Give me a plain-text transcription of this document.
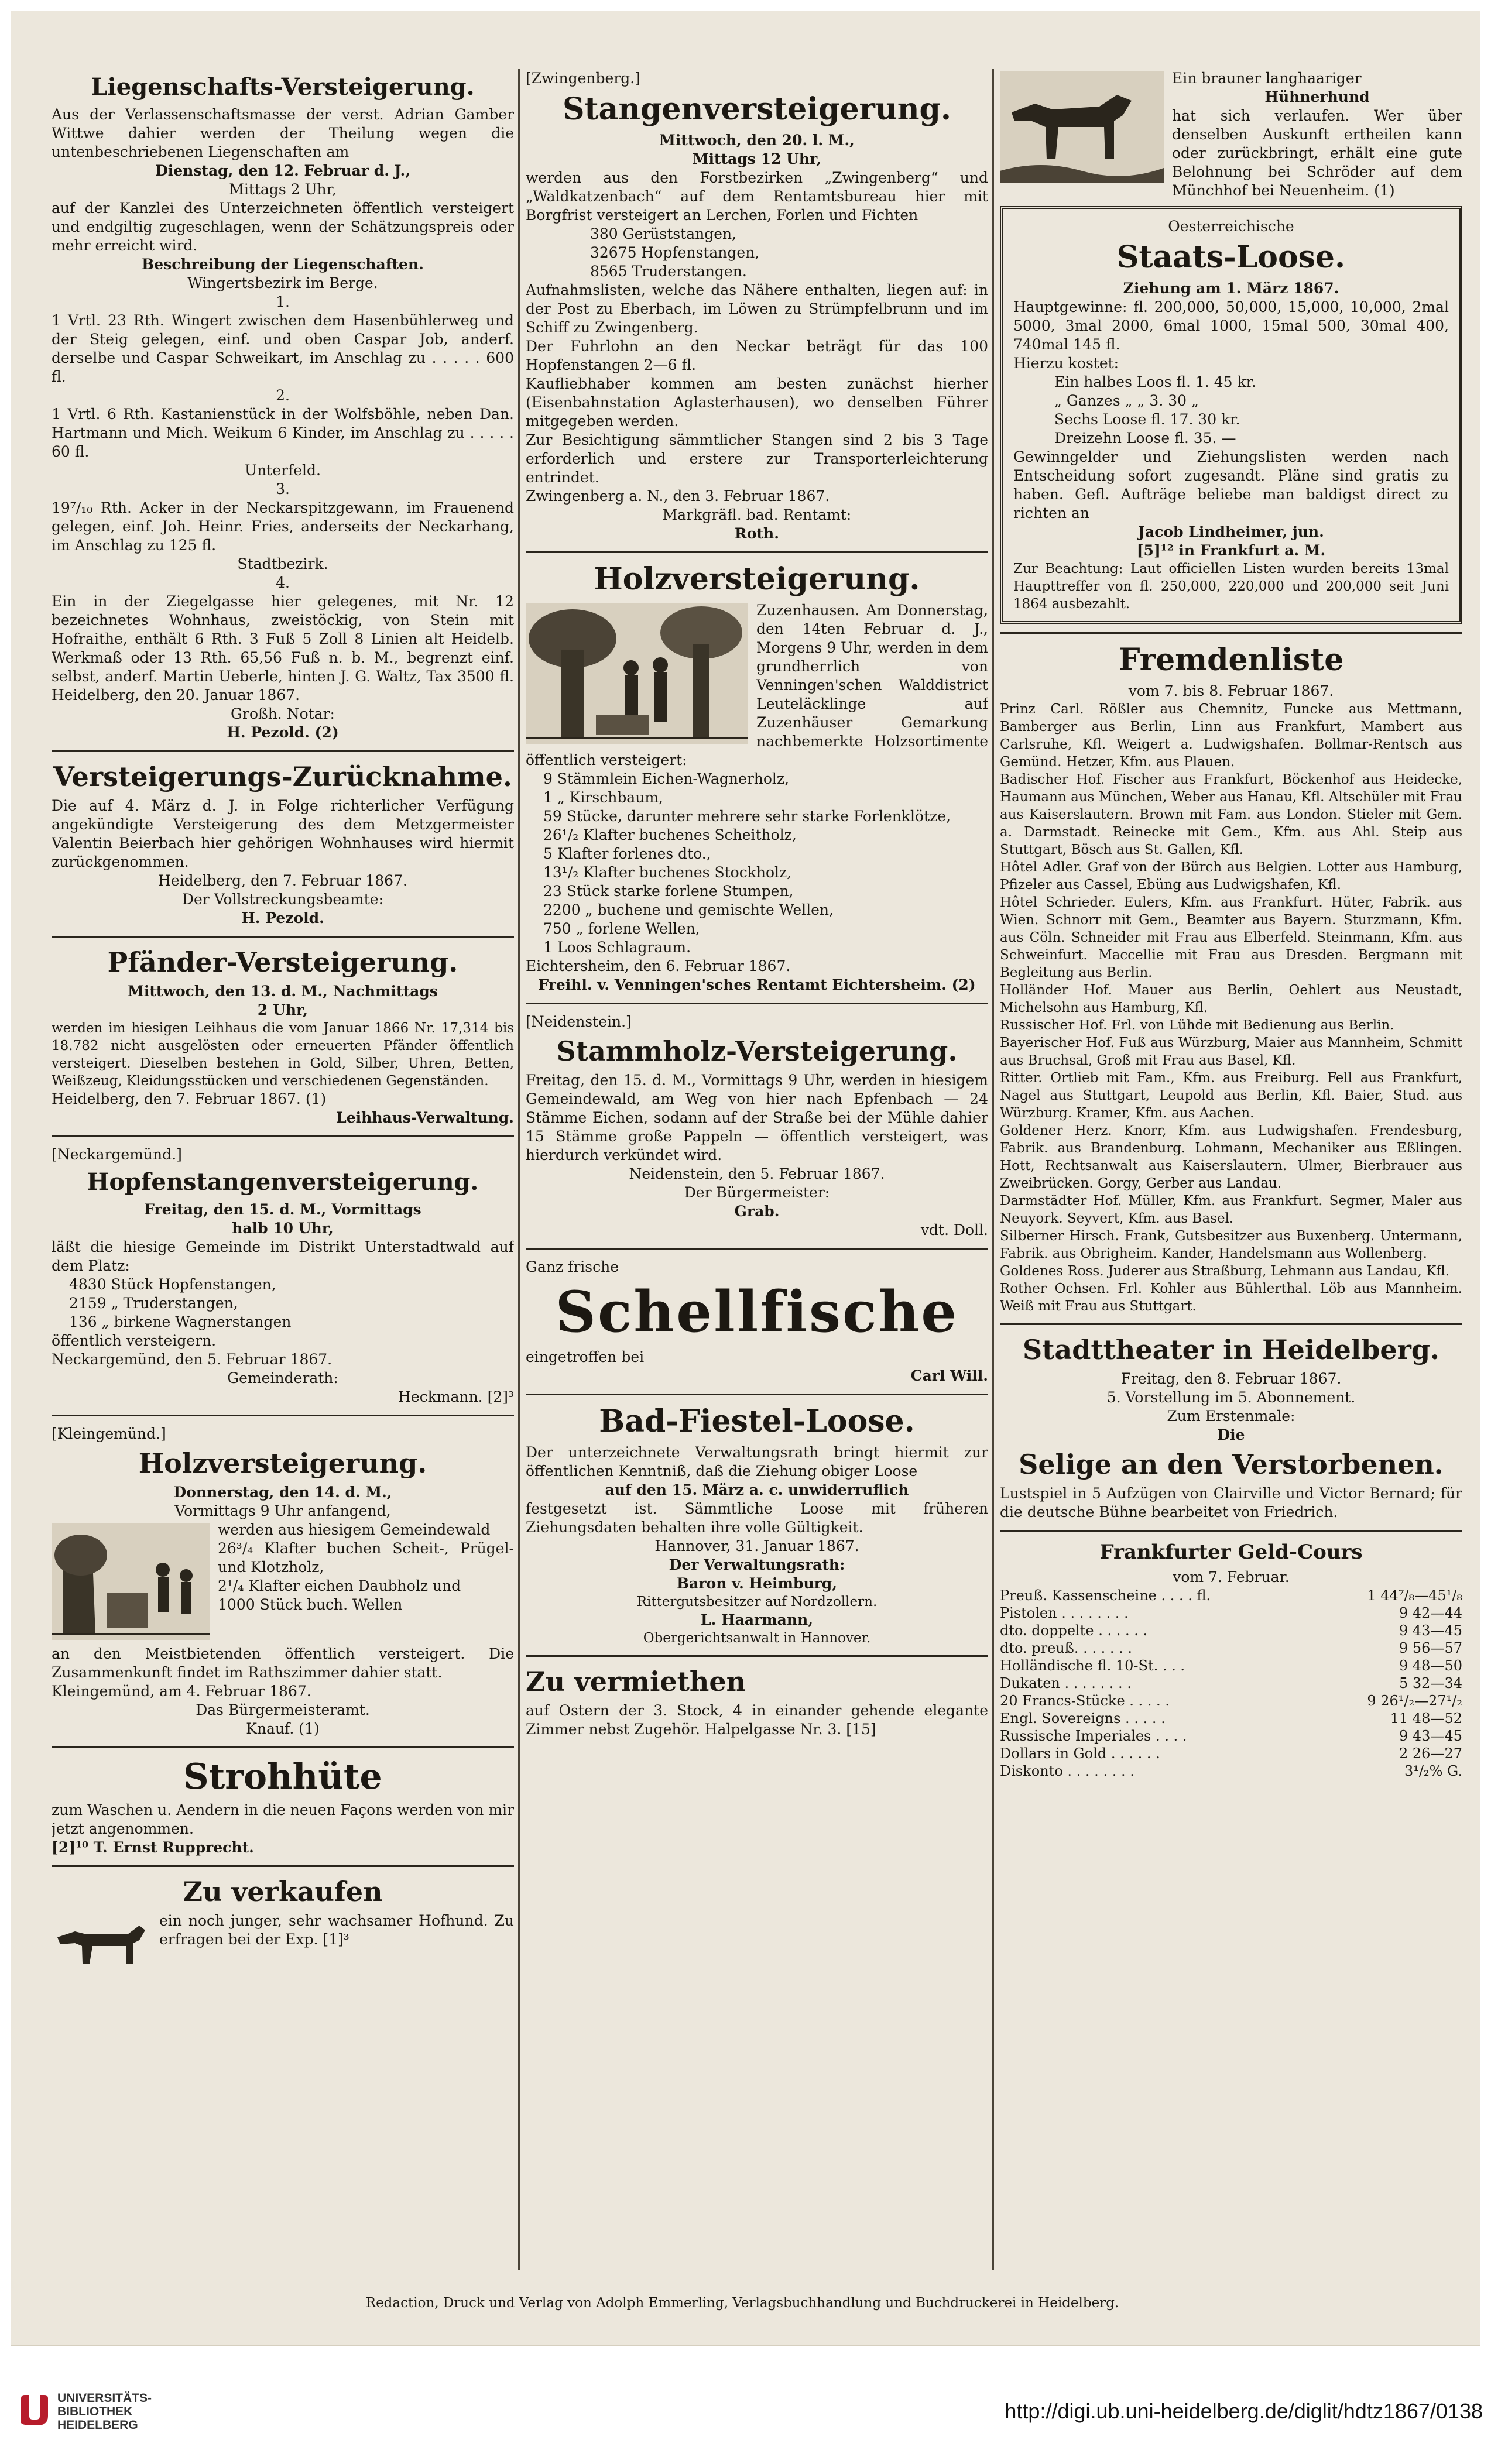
Liegenschafts-Versteigerung.

Aus der Verlassenschaftsmasse der verst. Adrian Gamber Wittwe dahier werden der Theilung wegen die untenbeschriebenen Liegenschaften am

Dienstag, den 12. Februar d. J.,

Mittags 2 Uhr,

auf der Kanzlei des Unterzeichneten öffentlich versteigert und endgiltig zugeschlagen, wenn der Schätzungspreis oder mehr erreicht wird.

Beschreibung der Liegenschaften.

Wingertsbezirk im Berge.

1.

1 Vrtl. 23 Rth. Wingert zwischen dem Hasenbühlerweg und der Steig gelegen, einf. und oben Caspar Job, anderf. derselbe und Caspar Schweikart, im Anschlag zu . . . . . 600 fl.

2.

1 Vrtl. 6 Rth. Kastanienstück in der Wolfsböhle, neben Dan. Hartmann und Mich. Weikum 6 Kinder, im Anschlag zu . . . . . 60 fl.

Unterfeld.

3.

19⁷/₁₀ Rth. Acker in der Neckarspitzgewann, im Frauenend gelegen, einf. Joh. Heinr. Fries, anderseits der Neckarhang, im Anschlag zu 125 fl.

Stadtbezirk.

4.

Ein in der Ziegelgasse hier gelegenes, mit Nr. 12 bezeichnetes Wohnhaus, zweistöckig, von Stein mit Hofraithe, enthält 6 Rth. 3 Fuß 5 Zoll 8 Linien alt Heidelb. Werkmaß oder 13 Rth. 65,56 Fuß n. b. M., begrenzt einf. selbst, anderf. Martin Ueberle, hinten J. G. Waltz, Tax 3500 fl. Heidelberg, den 20. Januar 1867.

Großh. Notar:

H. Pezold. (2)

Versteigerungs-Zurücknahme.

Die auf 4. März d. J. in Folge richterlicher Verfügung angekündigte Versteigerung des dem Metzgermeister Valentin Beierbach hier gehörigen Wohnhauses wird hiermit zurückgenommen.

Heidelberg, den 7. Februar 1867.

Der Vollstreckungsbeamte:

H. Pezold.

Pfänder-Versteigerung.

Mittwoch, den 13. d. M., Nachmittags

2 Uhr,

werden im hiesigen Leihhaus die vom Januar 1866 Nr. 17,314 bis 18.782 nicht ausgelösten oder erneuerten Pfänder öffentlich versteigert. Dieselben bestehen in Gold, Silber, Uhren, Betten, Weißzeug, Kleidungsstücken und verschiedenen Gegenständen.

Heidelberg, den 7. Februar 1867. (1)

Leihhaus-Verwaltung.

[Neckargemünd.]

Hopfenstangenversteigerung.

Freitag, den 15. d. M., Vormittags

halb 10 Uhr,

läßt die hiesige Gemeinde im Distrikt Unterstadtwald auf dem Platz:

4830 Stück Hopfenstangen,

2159 „ Truderstangen,

136 „ birkene Wagnerstangen

öffentlich versteigern.

Neckargemünd, den 5. Februar 1867.

Gemeinderath:

Heckmann. [2]³

[Kleingemünd.]

Holzversteigerung.

Donnerstag, den 14. d. M.,

Vormittags 9 Uhr anfangend,

werden aus hiesigem Gemeindewald

26³/₄ Klafter buchen Scheit-, Prügel- und Klotzholz,

2¹/₄ Klafter eichen Daubholz und

1000 Stück buch. Wellen

an den Meistbietenden öffentlich versteigert. Die Zusammenkunft findet im Rathszimmer dahier statt.

Kleingemünd, am 4. Februar 1867.

Das Bürgermeisteramt.

Knauf. (1)

Strohhüte

zum Waschen u. Aendern in die neuen Façons werden von mir jetzt angenommen.

[2]¹⁰ T. Ernst Rupprecht.

Zu verkaufen

ein noch junger, sehr wachsamer Hofhund. Zu erfragen bei der Exp. [1]³

[Zwingenberg.]

Stangenversteigerung.

Mittwoch, den 20. l. M.,

Mittags 12 Uhr,

werden aus den Forstbezirken „Zwingenberg“ und „Waldkatzenbach“ auf dem Rentamtsbureau hier mit Borgfrist versteigert an Lerchen, Forlen und Fichten

380 Gerüststangen,

32675 Hopfenstangen,

8565 Truderstangen.

Aufnahmslisten, welche das Nähere enthalten, liegen auf: in der Post zu Eberbach, im Löwen zu Strümpfelbrunn und im Schiff zu Zwingenberg.

Der Fuhrlohn an den Neckar beträgt für das 100 Hopfenstangen 2—6 fl.

Kaufliebhaber kommen am besten zunächst hierher (Eisenbahnstation Aglasterhausen), wo denselben Führer mitgegeben werden.

Zur Besichtigung sämmtlicher Stangen sind 2 bis 3 Tage erforderlich und erstere zur Transporterleichterung entrindet.

Zwingenberg a. N., den 3. Februar 1867.

Markgräfl. bad. Rentamt:

Roth.

Holzversteigerung.

Zuzenhausen. Am Donnerstag, den 14ten Februar d. J., Morgens 9 Uhr, werden in dem grundherrlich von Venningen'schen Walddistrict Leuteläcklinge auf Zuzenhäuser Gemarkung nachbemerkte Holzsortimente öffentlich versteigert:

9 Stämmlein Eichen-Wagnerholz,

1 „ Kirschbaum,

59 Stücke, darunter mehrere sehr starke Forlenklötze,

26¹/₂ Klafter buchenes Scheitholz,

5 Klafter forlenes dto.,

13¹/₂ Klafter buchenes Stockholz,

23 Stück starke forlene Stumpen,

2200 „ buchene und gemischte Wellen,

750 „ forlene Wellen,

1 Loos Schlagraum.

Eichtersheim, den 6. Februar 1867.

Freihl. v. Venningen'sches Rentamt Eichtersheim. (2)

[Neidenstein.]

Stammholz-Versteigerung.

Freitag, den 15. d. M., Vormittags 9 Uhr, werden in hiesigem Gemeindewald, am Weg von hier nach Epfenbach — 24 Stämme Eichen, sodann auf der Straße bei der Mühle dahier 15 Stämme große Pappeln — öffentlich versteigert, was hierdurch verkündet wird.

Neidenstein, den 5. Februar 1867.

Der Bürgermeister:

Grab.

vdt. Doll.

Ganz frische

Schellfische

eingetroffen bei

Carl Will.

Bad-Fiestel-Loose.

Der unterzeichnete Verwaltungsrath bringt hiermit zur öffentlichen Kenntniß, daß die Ziehung obiger Loose

auf den 15. März a. c. unwiderruflich

festgesetzt ist. Sämmtliche Loose mit früheren Ziehungsdaten behalten ihre volle Gültigkeit.

Hannover, 31. Januar 1867.

Der Verwaltungsrath:

Baron v. Heimburg,

Rittergutsbesitzer auf Nordzollern.

L. Haarmann,

Obergerichtsanwalt in Hannover.

Zu vermiethen

auf Ostern der 3. Stock, 4 in einander gehende elegante Zimmer nebst Zugehör. Halpelgasse Nr. 3. [15]

Ein brauner langhaariger

Hühnerhund

hat sich verlaufen. Wer über denselben Auskunft ertheilen kann oder zurückbringt, erhält eine gute Belohnung bei Schröder auf dem Münchhof bei Neuenheim. (1)

Oesterreichische

Staats-Loose.

Ziehung am 1. März 1867.

Hauptgewinne: fl. 200,000, 50,000, 15,000, 10,000, 2mal 5000, 3mal 2000, 6mal 1000, 15mal 500, 30mal 400, 740mal 145 fl.

Hierzu kostet:

Ein halbes Loos fl. 1. 45 kr.

„ Ganzes „ „ 3. 30 „

Sechs Loose fl. 17. 30 kr.

Dreizehn Loose fl. 35. —

Gewinngelder und Ziehungslisten werden nach Entscheidung sofort zugesandt. Pläne sind gratis zu haben. Gefl. Aufträge beliebe man baldigst direct zu richten an

Jacob Lindheimer, jun.

[5]¹² in Frankfurt a. M.

Zur Beachtung: Laut officiellen Listen wurden bereits 13mal Haupttreffer von fl. 250,000, 220,000 und 200,000 seit Juni 1864 ausbezahlt.

Fremdenliste

vom 7. bis 8. Februar 1867.

Prinz Carl. Rößler aus Chemnitz, Funcke aus Mettmann, Bamberger aus Berlin, Linn aus Frankfurt, Mambert aus Carlsruhe, Kfl. Weigert a. Ludwigshafen. Bollmar-Rentsch aus Gemünd. Hetzer, Kfm. aus Plauen.

Badischer Hof. Fischer aus Frankfurt, Böckenhof aus Heidecke, Haumann aus München, Weber aus Hanau, Kfl. Altschüler mit Frau aus Kaiserslautern. Brown mit Fam. aus London. Stieler mit Gem. a. Darmstadt. Reinecke mit Gem., Kfm. aus Ahl. Steip aus Stuttgart, Bösch aus St. Gallen, Kfl.

Hôtel Adler. Graf von der Bürch aus Belgien. Lotter aus Hamburg, Pfizeler aus Cassel, Ebüng aus Ludwigshafen, Kfl.

Hôtel Schrieder. Eulers, Kfm. aus Frankfurt. Hüter, Fabrik. aus Wien. Schnorr mit Gem., Beamter aus Bayern. Sturzmann, Kfm. aus Cöln. Schneider mit Frau aus Elberfeld. Steinmann, Kfm. aus Schweinfurt. Maccellie mit Frau aus Dresden. Bergmann mit Begleitung aus Berlin.

Holländer Hof. Mauer aus Berlin, Oehlert aus Neustadt, Michelsohn aus Hamburg, Kfl.

Russischer Hof. Frl. von Lühde mit Bedienung aus Berlin.

Bayerischer Hof. Fuß aus Würzburg, Maier aus Mannheim, Schmitt aus Bruchsal, Groß mit Frau aus Basel, Kfl.

Ritter. Ortlieb mit Fam., Kfm. aus Freiburg. Fell aus Frankfurt, Nagel aus Stuttgart, Leupold aus Berlin, Kfl. Baier, Stud. aus Würzburg. Kramer, Kfm. aus Aachen.

Goldener Herz. Knorr, Kfm. aus Ludwigshafen. Frendesburg, Fabrik. aus Brandenburg. Lohmann, Mechaniker aus Eßlingen. Hott, Rechtsanwalt aus Kaiserslautern. Ulmer, Bierbrauer aus Zweibrücken. Gorgy, Gerber aus Landau.

Darmstädter Hof. Müller, Kfm. aus Frankfurt. Segmer, Maler aus Neuyork. Seyvert, Kfm. aus Basel.

Silberner Hirsch. Frank, Gutsbesitzer aus Buxenberg. Untermann, Fabrik. aus Obrigheim. Kander, Handelsmann aus Wollenberg.

Goldenes Ross. Juderer aus Straßburg, Lehmann aus Landau, Kfl.

Rother Ochsen. Frl. Kohler aus Bühlerthal. Löb aus Mannheim. Weiß mit Frau aus Stuttgart.

Stadttheater in Heidelberg.

Freitag, den 8. Februar 1867.

5. Vorstellung im 5. Abonnement.

Zum Erstenmale:

Die

Selige an den Verstorbenen.

Lustspiel in 5 Aufzügen von Clairville und Victor Bernard; für die deutsche Bühne bearbeitet von Friedrich.

Frankfurter Geld-Cours

vom 7. Februar.

Preuß. Kassenscheine . . . . fl.	1 44⁷/₈—45¹/₈
Pistolen . . . . . . . .	9 42—44
dto. doppelte . . . . . .	9 43—45
dto. preuß. . . . . . .	9 56—57
Holländische fl. 10-St. . . .	9 48—50
Dukaten . . . . . . . .	5 32—34
20 Francs-Stücke . . . . .	9 26¹/₂—27¹/₂
Engl. Sovereigns . . . . .	11 48—52
Russische Imperiales . . . .	9 43—45
Dollars in Gold . . . . . .	2 26—27
Diskonto . . . . . . . .	3¹/₂% G.
Redaction, Druck und Verlag von Adolph Emmerling, Verlagsbuchhandlung und Buchdruckerei in Heidelberg.
UNIVERSITÄTS-
BIBLIOTHEK
HEIDELBERG
http://digi.ub.uni-heidelberg.de/diglit/hdtz1867/0138
